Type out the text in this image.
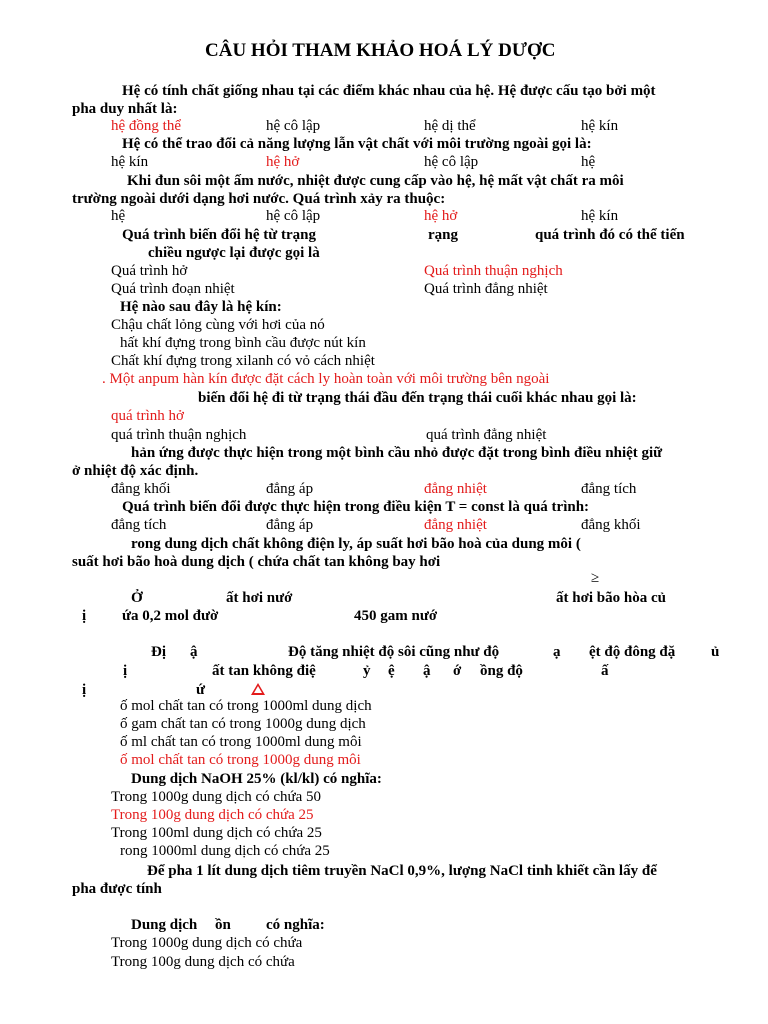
CÂU HỎI THAM KHẢO HOÁ LÝ DƯỢC
Hệ có tính chất giống nhau tại các điểm khác nhau của hệ. Hệ được cấu tạo bởi một
pha duy nhất là:
hệ đồng thể	hệ cô lập	hệ dị thể	hệ kín
Hệ có thể trao đổi cả năng lượng lẫn vật chất với môi trường ngoài gọi là:
hệ kín	hệ hở	hệ cô lập	hệ
Khi đun sôi một ấm nước, nhiệt được cung cấp vào hệ, hệ mất vật chất ra môi
trường ngoài dưới dạng hơi nước. Quá trình xảy ra thuộc:
hệ	hệ cô lập	hệ hở	hệ kín
Quá trình biến đổi hệ từ trạng	rạng	quá trình đó có thể tiến
chiều ngược lại được gọi là
Quá trình hở	Quá trình thuận nghịch
Quá trình đoạn nhiệt	Quá trình đẳng nhiệt
Hệ nào sau đây là hệ kín:
Chậu chất lỏng cùng với hơi của nó
hất khí đựng trong bình cầu được nút kín
Chất khí đựng trong xilanh có vỏ cách nhiệt
. Một anpum hàn kín được đặt cách ly hoàn toàn với môi trường bên ngoài
biến đổi hệ đi từ trạng thái đầu đến trạng thái cuối khác nhau gọi là:
quá trình hở
quá trình thuận nghịch	quá trình đẳng nhiệt
hản ứng được thực hiện trong một bình cầu nhỏ được đặt trong bình điều nhiệt giữ
ở nhiệt độ xác định.
đẳng khối	đẳng áp	đẳng nhiệt	đẳng tích
Quá trình biến đổi được thực hiện trong điều kiện T = const là quá trình:
đẳng tích	đẳng áp	đẳng nhiệt	đẳng khối
rong dung dịch chất không điện ly, áp suất hơi bão hoà của dung môi (
suất hơi bão hoà dung dịch ( chứa chất tan không bay hơi
≥
Ở	ất hơi nướ	ất hơi bão hòa củ
ị ứa 0,2 mol đườ	450 gam nướ
Đị ậ	Độ tăng nhiệt độ sôi cũng như độ	ạ ệt độ đông đặ ủ
ị	ất tan không điệ	ỷ ệ ậ ớ ồng độ	ấ
ị	ứ
ố mol chất tan có trong 1000ml dung dịch
ố gam chất tan có trong 1000g dung dịch
ố ml chất tan có trong 1000ml dung môi
ố mol chất tan có trong 1000g dung môi
Dung dịch NaOH 25% (kl/kl) có nghĩa:
Trong 1000g dung dịch có chứa 50
Trong 100g dung dịch có chứa 25
Trong 100ml dung dịch có chứa 25
rong 1000ml dung dịch có chứa 25
Để pha 1 lít dung dịch tiêm truyền NaCl 0,9%, lượng NaCl tinh khiết cần lấy để
pha được tính
Dung dịch ồn có nghĩa:
Trong 1000g dung dịch có chứa
Trong 100g dung dịch có chứa
